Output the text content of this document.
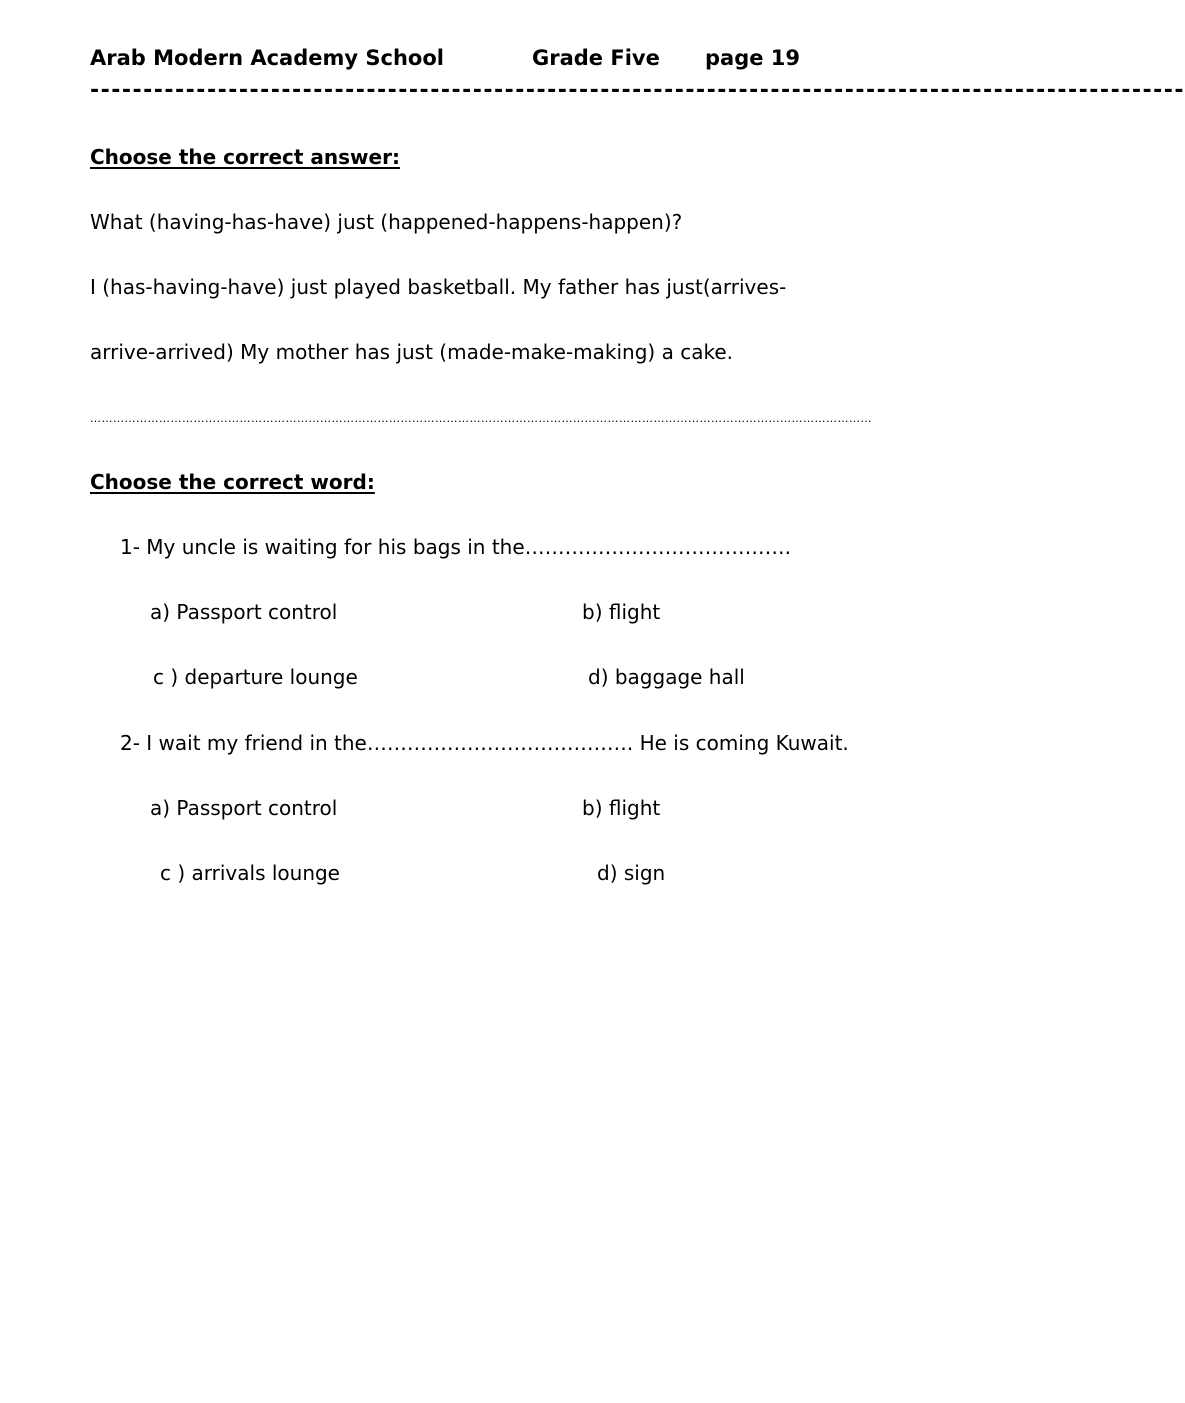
Arab Modern Academy School	Grade Five page 19
-------------------------------------------------------------------------------------------------------
Choose the correct answer:
What (having-has-have) just (happened-happens-happen)?
I (has-having-have) just played basketball. My father has just(arrives-
arrive-arrived) My mother has just (made-make-making) a cake.
……………………………………………………………………………………………………………………………………………………………………………………
Choose the correct word:
1- My uncle is waiting for his bags in the………………………………….
a) Passport control	b) flight
c ) departure lounge	d) baggage hall
2- I wait my friend in the…………………………………. He is coming Kuwait.
a) Passport control	b) flight
c ) arrivals lounge	d) sign
